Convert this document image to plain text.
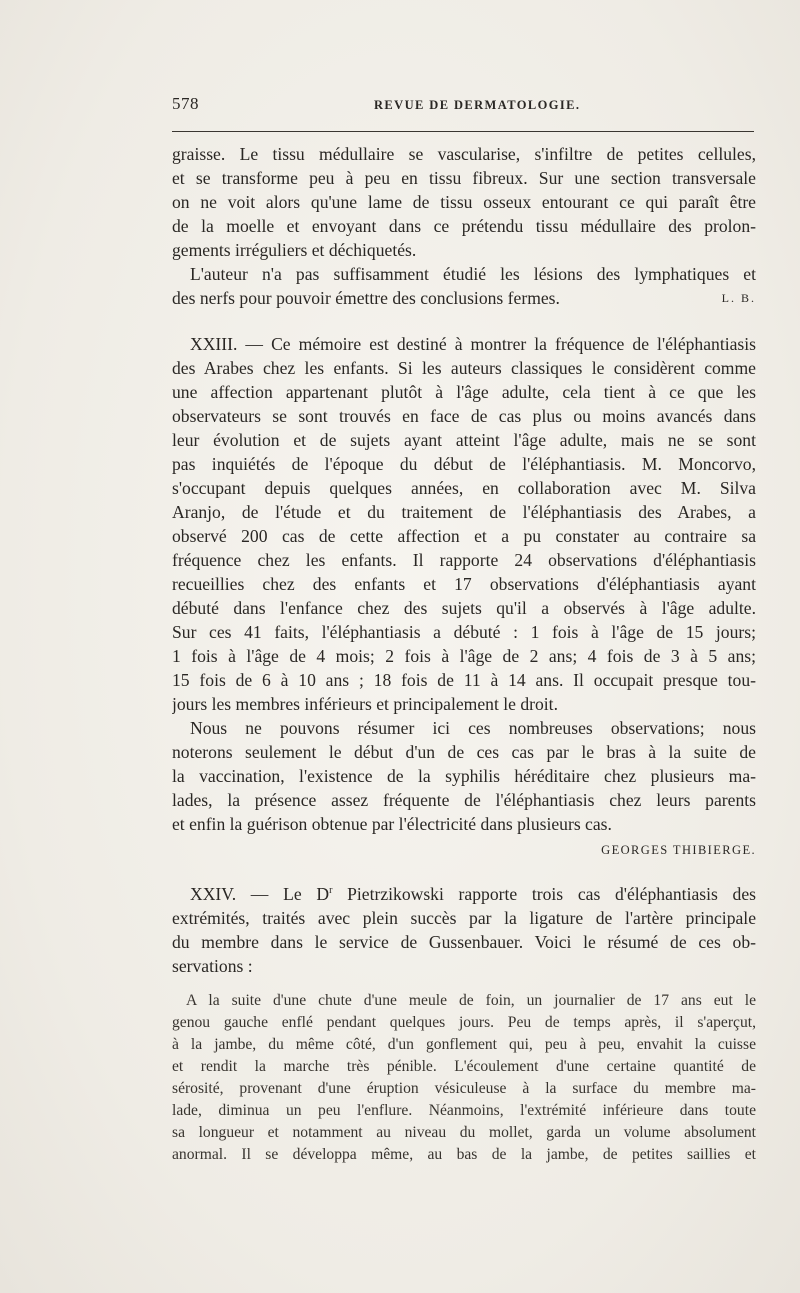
578	REVUE DE DERMATOLOGIE.
graisse. Le tissu médullaire se vascularise, s'infiltre de petites cellules,
et se transforme peu à peu en tissu fibreux. Sur une section transversale
on ne voit alors qu'une lame de tissu osseux entourant ce qui paraît être
de la moelle et envoyant dans ce prétendu tissu médullaire des prolon-
gements irréguliers et déchiquetés.
L'auteur n'a pas suffisamment étudié les lésions des lymphatiques et
des nerfs pour pouvoir émettre des conclusions fermes.	L. B.
XXIII. — Ce mémoire est destiné à montrer la fréquence de l'éléphantiasis
des Arabes chez les enfants. Si les auteurs classiques le considèrent comme
une affection appartenant plutôt à l'âge adulte, cela tient à ce que les
observateurs se sont trouvés en face de cas plus ou moins avancés dans
leur évolution et de sujets ayant atteint l'âge adulte, mais ne se sont
pas inquiétés de l'époque du début de l'éléphantiasis. M. Moncorvo,
s'occupant depuis quelques années, en collaboration avec M. Silva
Aranjo, de l'étude et du traitement de l'éléphantiasis des Arabes, a
observé 200 cas de cette affection et a pu constater au contraire sa
fréquence chez les enfants. Il rapporte 24 observations d'éléphantiasis
recueillies chez des enfants et 17 observations d'éléphantiasis ayant
débuté dans l'enfance chez des sujets qu'il a observés à l'âge adulte.
Sur ces 41 faits, l'éléphantiasis a débuté : 1 fois à l'âge de 15 jours;
1 fois à l'âge de 4 mois; 2 fois à l'âge de 2 ans; 4 fois de 3 à 5 ans;
15 fois de 6 à 10 ans ; 18 fois de 11 à 14 ans. Il occupait presque tou-
jours les membres inférieurs et principalement le droit.
Nous ne pouvons résumer ici ces nombreuses observations; nous
noterons seulement le début d'un de ces cas par le bras à la suite de
la vaccination, l'existence de la syphilis héréditaire chez plusieurs ma-
lades, la présence assez fréquente de l'éléphantiasis chez leurs parents
et enfin la guérison obtenue par l'électricité dans plusieurs cas.
GEORGES THIBIERGE.
XXIV. — Le $D^r$ Pietrzikowski rapporte trois cas d'éléphantiasis des
extrémités, traités avec plein succès par la ligature de l'artère principale
du membre dans le service de Gussenbauer. Voici le résumé de ces ob-
servations :
A la suite d'une chute d'une meule de foin, un journalier de 17 ans eut le
genou gauche enflé pendant quelques jours. Peu de temps après, il s'aperçut,
à la jambe, du même côté, d'un gonflement qui, peu à peu, envahit la cuisse
et rendit la marche très pénible. L'écoulement d'une certaine quantité de
sérosité, provenant d'une éruption vésiculeuse à la surface du membre ma-
lade, diminua un peu l'enflure. Néanmoins, l'extrémité inférieure dans toute
sa longueur et notamment au niveau du mollet, garda un volume absolument
anormal. Il se développa même, au bas de la jambe, de petites saillies et
